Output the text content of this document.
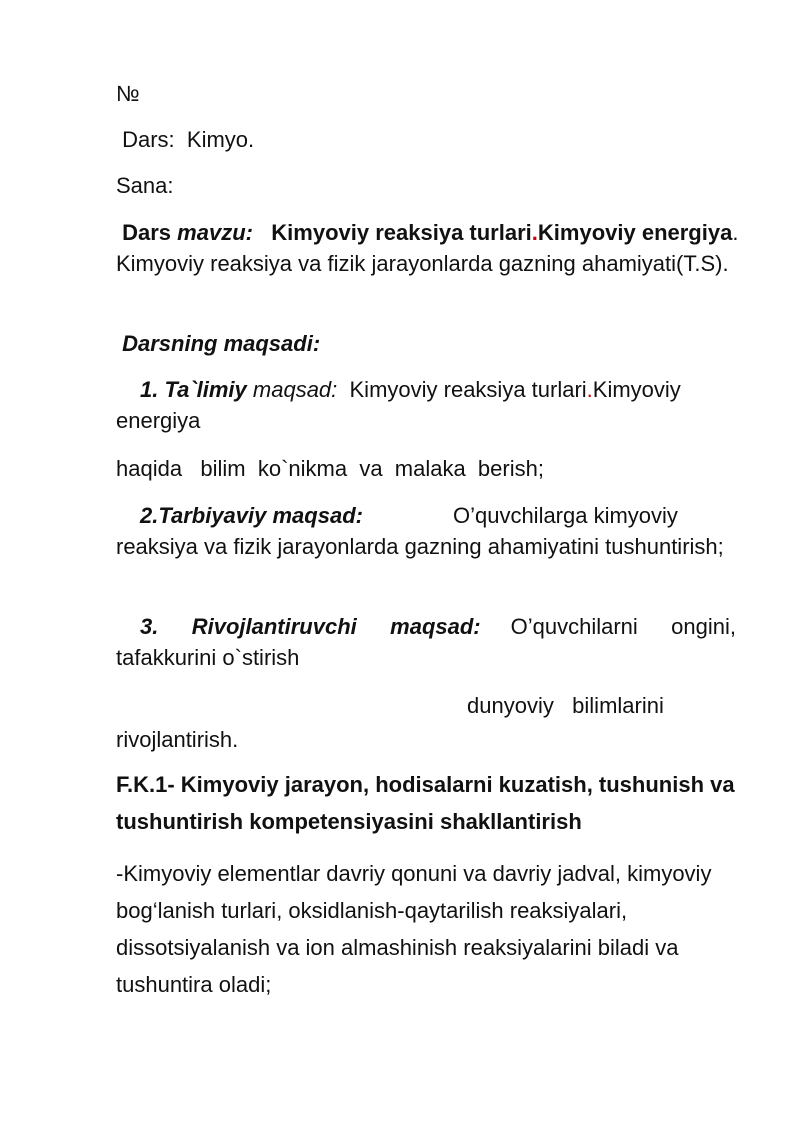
№

Dars:  Kimyo.

Sana:

Dars mavzu:   Kimyoviy reaksiya turlari.Kimyoviy energiya. Kimyoviy reaksiya va fizik jarayonlarda gazning ahamiyati(T.S).

Darsning maqsadi:

1. Ta`limiy maqsad:  Kimyoviy reaksiya turlari.Kimyoviy energiya

haqida   bilim  ko`nikma  va  malaka  berish;

2.Tarbiyaviy maqsad:	O’quvchilarga kimyoviy reaksiya va fizik jarayonlarda gazning ahamiyatini tushuntirish;

3. Rivojlantiruvchi maqsad: O’quvchilarni ongini, tafakkurini o`stirish

dunyoviy   bilimlarini

rivojlantirish.

F.K.1- Kimyoviy jarayon, hodisalarni kuzatish, tushunish va tushuntirish kompetensiyasini shakllantirish

-Kimyoviy elementlar davriy qonuni va davriy jadval, kimyoviy bog‘lanish turlari, oksidlanish-qaytarilish reaksiyalari, dissotsiyalanish va ion almashinish reaksiyalarini biladi va tushuntira oladi;
